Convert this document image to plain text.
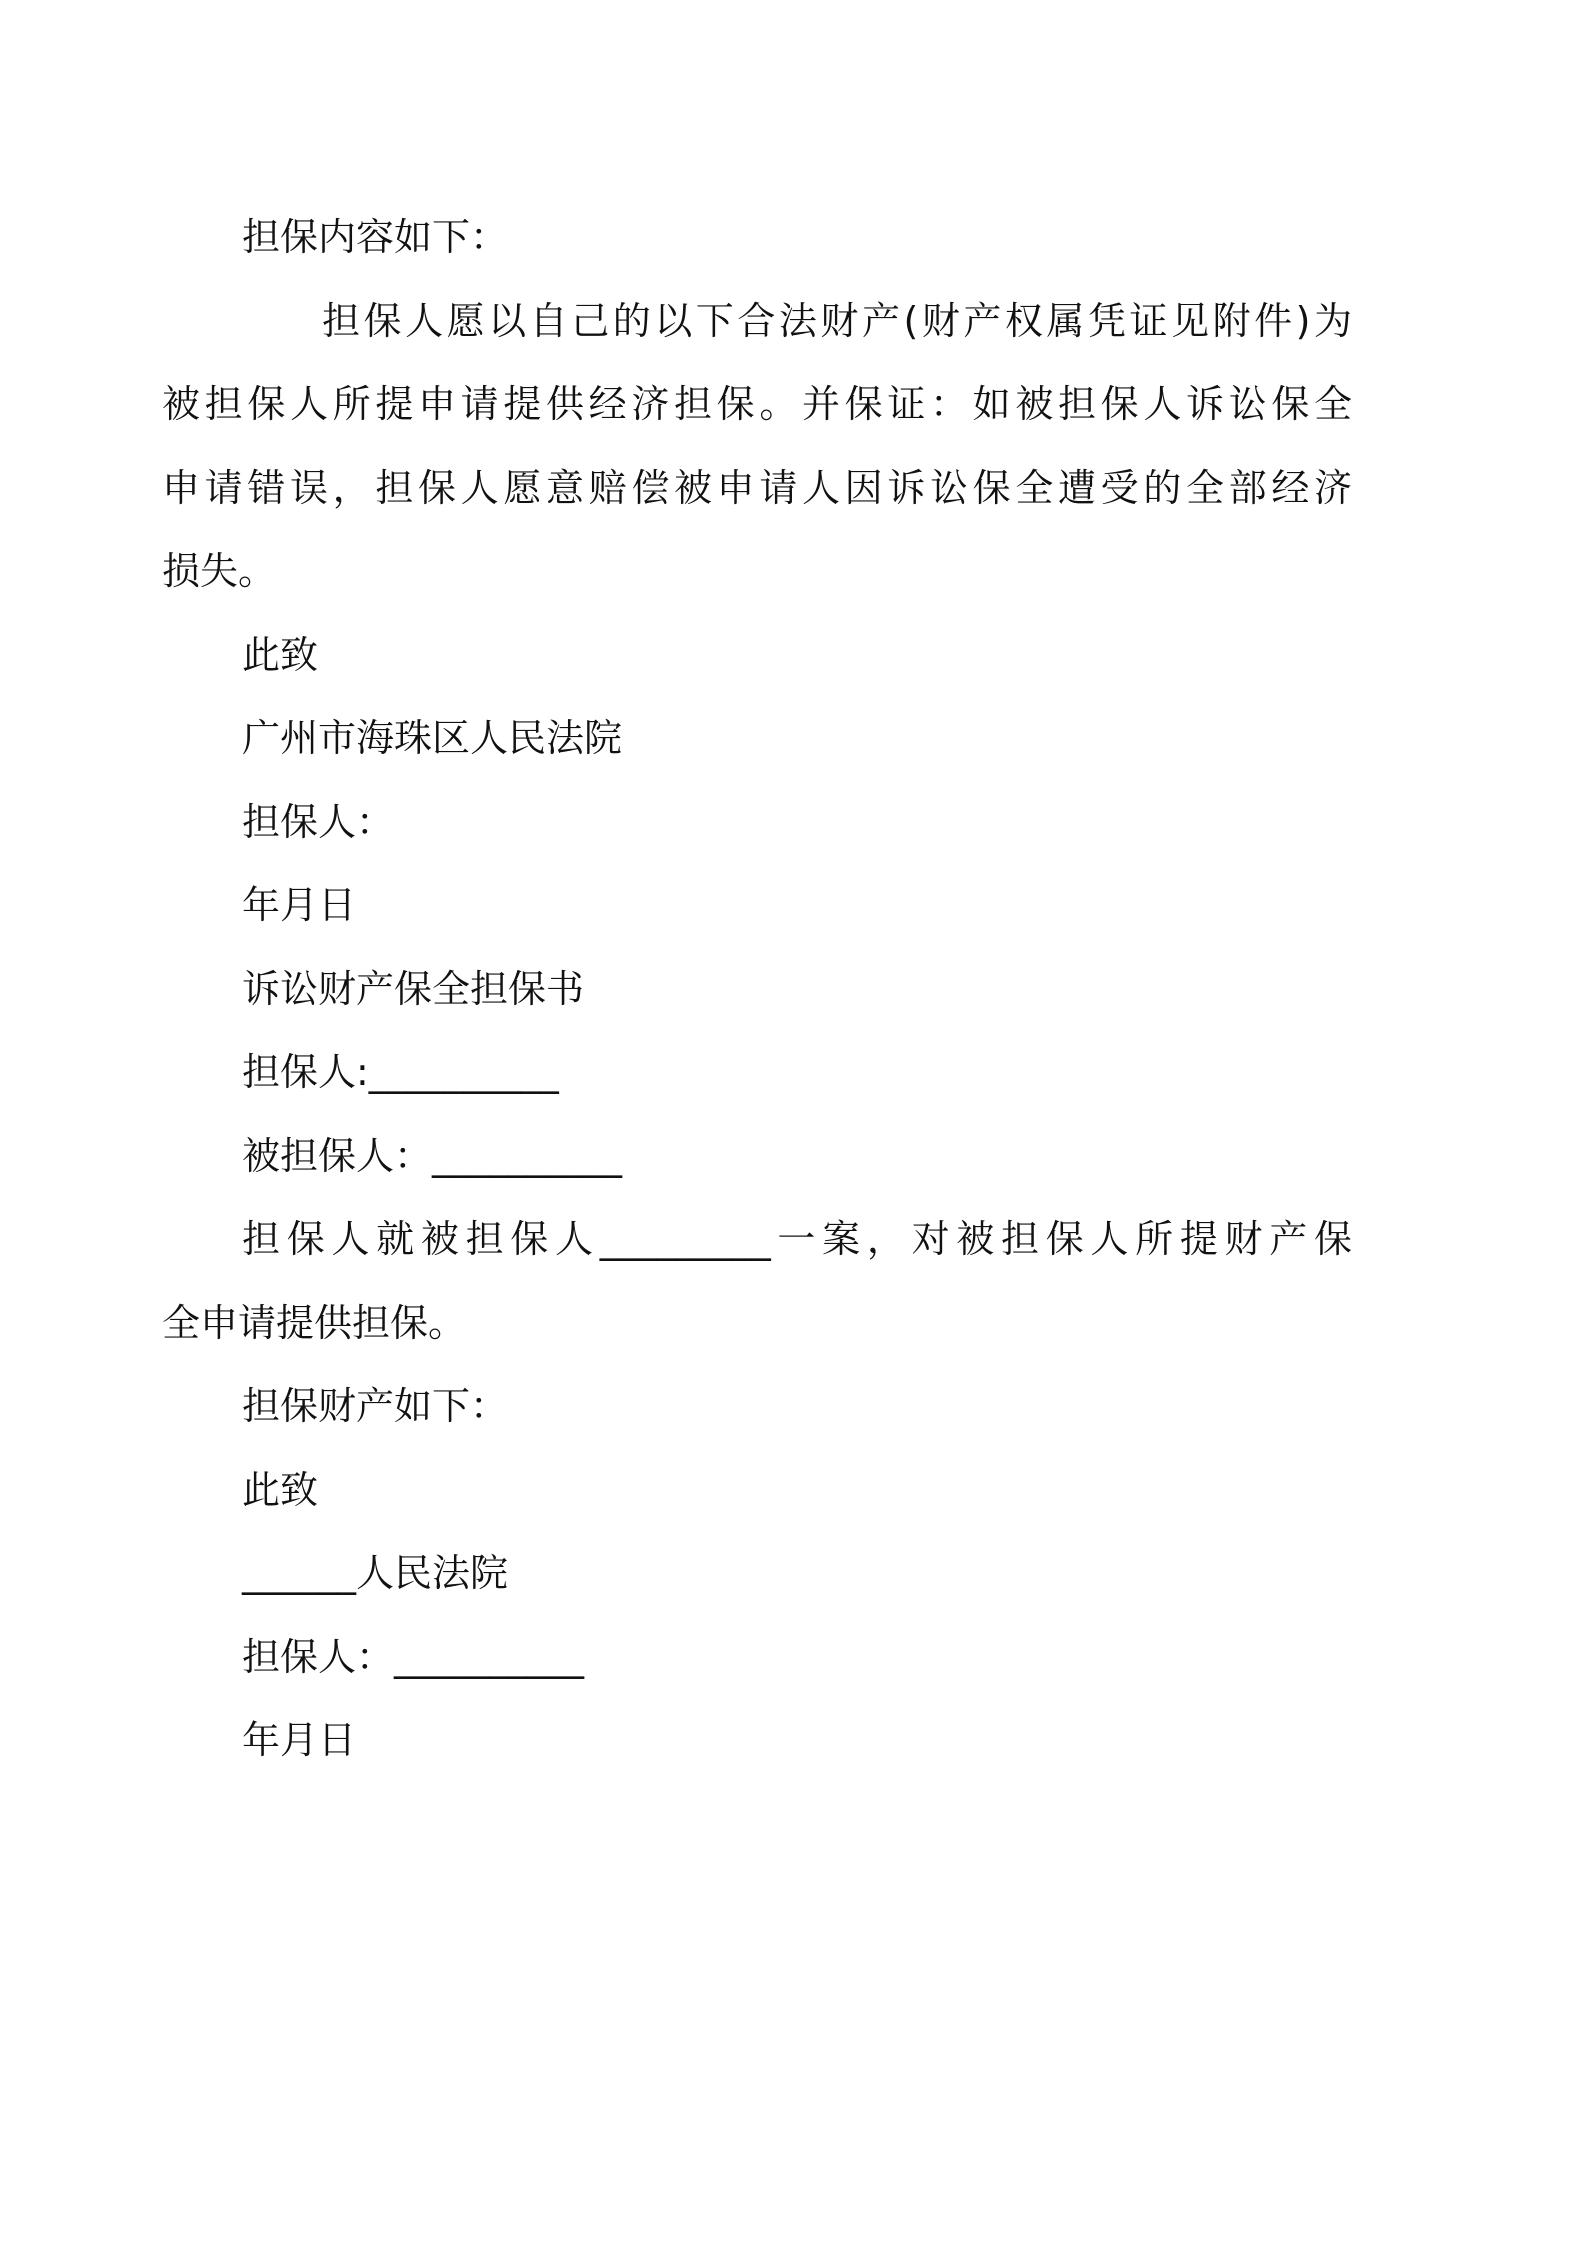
担保内容如下：

担保人愿以自己的以下合法财产(财产权属凭证见附件)为

被担保人所提申请提供经济担保。并保证：如被担保人诉讼保全

申请错误，担保人愿意赔偿被申请人因诉讼保全遭受的全部经济

损失。

此致

广州市海珠区人民法院

担保人：

年月日

诉讼财产保全担保书

担保人:__________

被担保人：__________

担保人就被担保人_________一案，对被担保人所提财产保

全申请提供担保。

担保财产如下：

此致

______人民法院

担保人：__________

年月日
